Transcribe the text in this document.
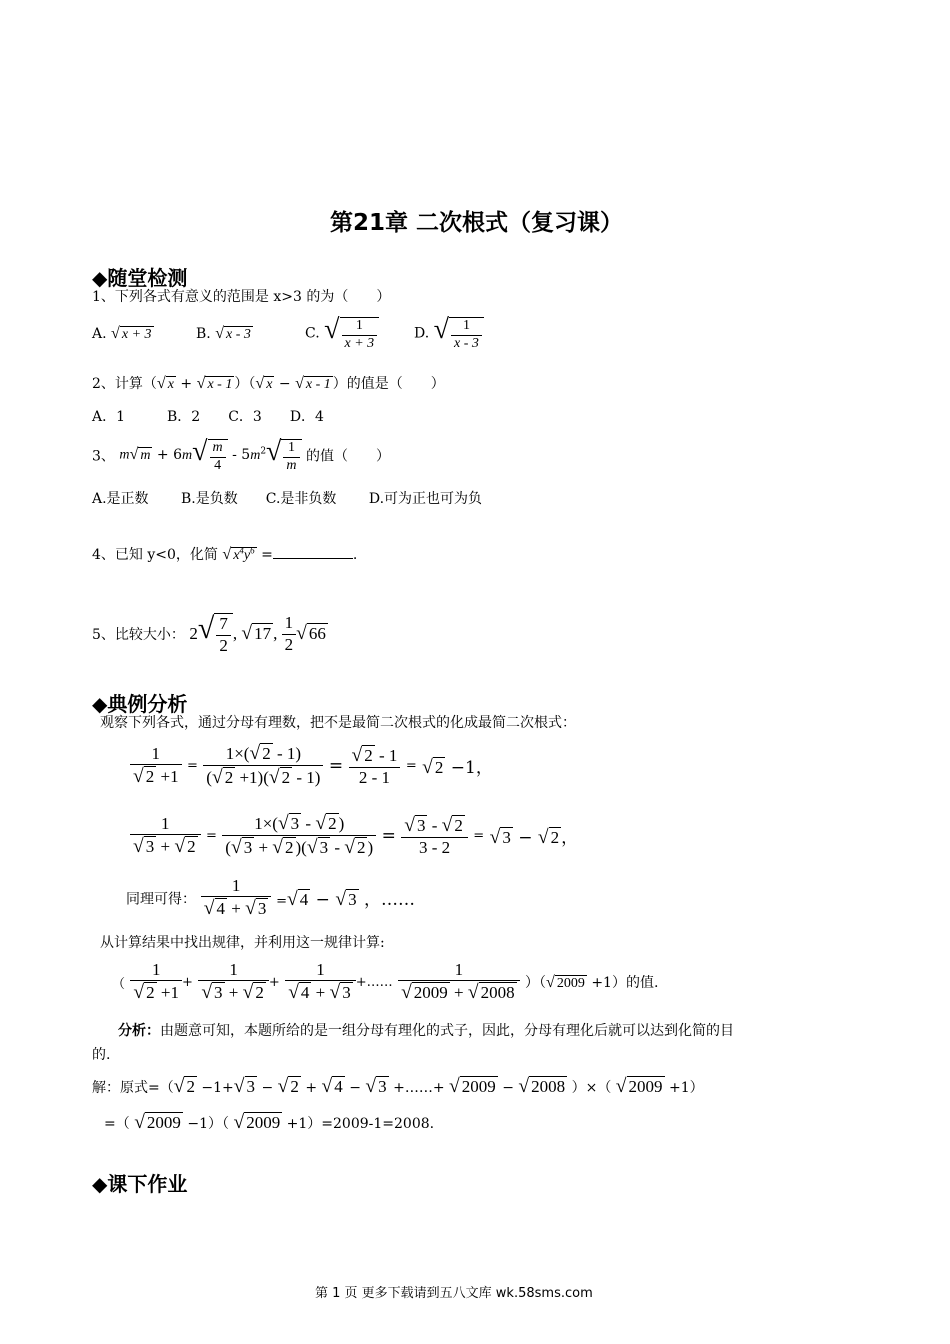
第21章 二次根式（复习课）
◆随堂检测
1、下列各式有意义的范围是 x>3 的为（　　）
A. √ x + 3	B. √ x - 3	C. √ $\frac{1}{x + 3}$	D. √ $\frac{1}{x - 3}$
2、计算（√ x + √ x - 1 ）（√ x − √ x - 1 ）的值是（　　）
A．1　　　B．2　　C．3　　D．4
3、 m√ $m + 6m√ \frac{m}{4} - 5m^2√ \frac{1}{m}$ 的值（　　）
A.是正数　　 B.是负数　　C.是非负数　　 D.可为正也可为负
4、已知 y<0，化简 √ $x^4y^6$ =	.
5、比较大小： $2√ \frac{7}{2}$ , √ 17 , $\frac{1}{2}$ √ 66
◆典例分析
观察下列各式，通过分母有理数，把不是最简二次根式的化成最简二次根式：
$\frac{1}{√ 2 +1} = \frac{1\times(√ 2 - 1)}{(√ 2 +1)(√ 2 - 1)} = \frac{√ 2 - 1}{2 - 1}$ = √ 2 −1，
$\frac{1}{√ 3 + √ 2} = \frac{1\times(√ 3 - √ 2 )}{(√ 3 + √ 2 )(√ 3 - √ 2 )} = \frac{√ 3 - √ 2}{3 - 2}$ = √ 3 − √ 2 ，
同理可得： $\frac{1}{√ 4 + √ 3}$ =√ 4 − √ 3 ，……
从计算结果中找出规律，并利用这一规律计算:
（ $\frac{1}{√ 2 +1} + \frac{1}{√ 3 + √ 2} + \frac{1}{√ 4 + √ 3}$ +…… $\frac{1}{√ 2009 + √ 2008}$ ）（√ 2009 +1）的值.
分析：由题意可知，本题所给的是一组分母有理化的式子，因此，分母有理化后就可以达到化简的目
的.
解：原式=（√ 2 −1+√ 3 − √ 2 + √ 4 − √ 3 +……+ √ 2009 − √ 2008 ）×（ √ 2009 +1）
=（ √ 2009 −1）（ √ 2009 +1）=2009-1=2008.
◆课下作业
第 1 页 更多下载请到五八文库 wk.58sms.com
